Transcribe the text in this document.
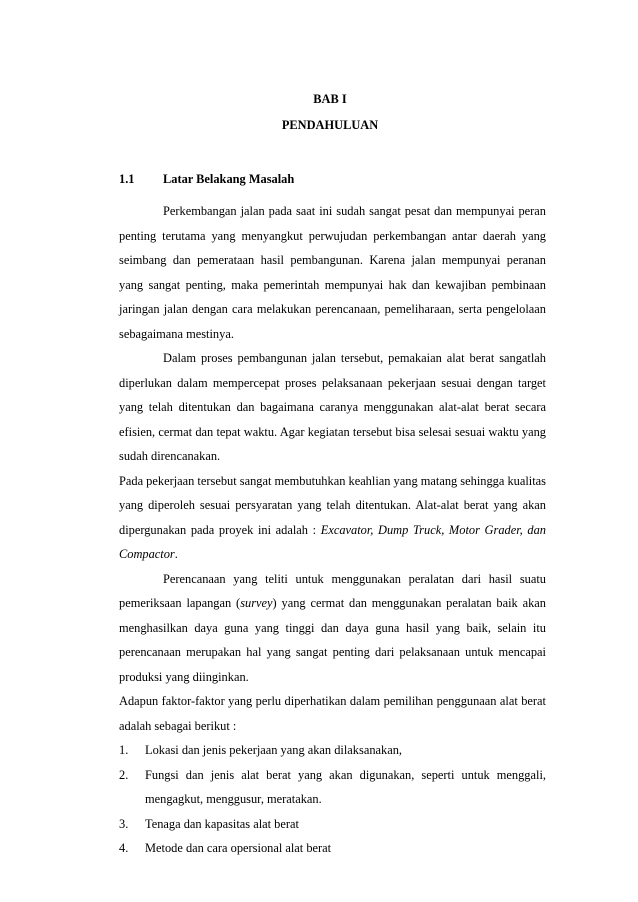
BAB I
PENDAHULUAN
1.1 Latar Belakang Masalah

Perkembangan jalan pada saat ini sudah sangat pesat dan mempunyai peran penting terutama yang menyangkut perwujudan perkembangan antar daerah yang seimbang dan pemerataan hasil pembangunan. Karena jalan mempunyai peranan yang sangat penting, maka pemerintah mempunyai hak dan kewajiban pembinaan jaringan jalan dengan cara melakukan perencanaan, pemeliharaan, serta pengelolaan sebagaimana mestinya.

Dalam proses pembangunan jalan tersebut, pemakaian alat berat sangatlah diperlukan dalam mempercepat proses pelaksanaan pekerjaan sesuai dengan target yang telah ditentukan dan bagaimana caranya menggunakan alat-alat berat secara efisien, cermat dan tepat waktu. Agar kegiatan tersebut bisa selesai sesuai waktu yang sudah direncanakan.

Pada pekerjaan tersebut sangat membutuhkan keahlian yang matang sehingga kualitas yang diperoleh sesuai persyaratan yang telah ditentukan. Alat-alat berat yang akan dipergunakan pada proyek ini adalah : Excavator, Dump Truck, Motor Grader, dan Compactor.

Perencanaan yang teliti untuk menggunakan peralatan dari hasil suatu pemeriksaan lapangan (survey) yang cermat dan menggunakan peralatan baik akan menghasilkan daya guna yang tinggi dan daya guna hasil yang baik, selain itu perencanaan merupakan hal yang sangat penting dari pelaksanaan untuk mencapai produksi yang diinginkan.

Adapun faktor-faktor yang perlu diperhatikan dalam pemilihan penggunaan alat berat adalah sebagai berikut :

1. Lokasi dan jenis pekerjaan yang akan dilaksanakan,
2. Fungsi dan jenis alat berat yang akan digunakan, seperti untuk menggali, mengagkut, menggusur, meratakan.
3. Tenaga dan kapasitas alat berat
4. Metode dan cara opersional alat berat
